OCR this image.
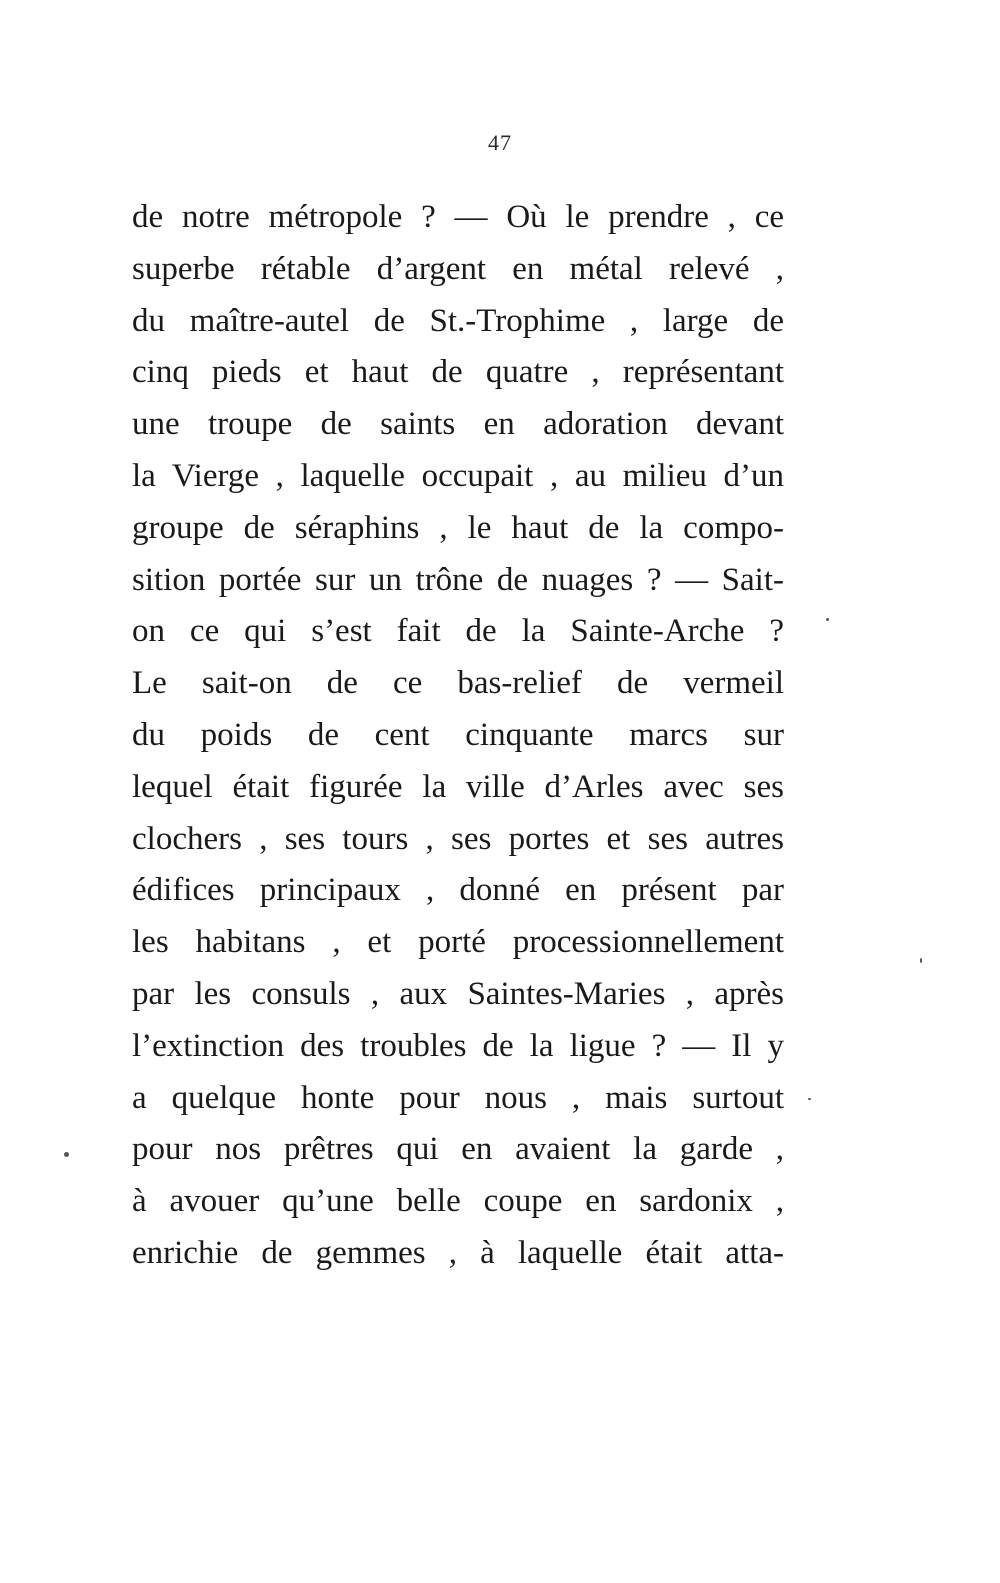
47
de notre métropole ? — Où le prendre , ce
superbe rétable d’argent en métal relevé ,
du maître-autel de St.-Trophime , large de
cinq pieds et haut de quatre , représentant
une troupe de saints en adoration devant
la Vierge , laquelle occupait , au milieu d’un
groupe de séraphins , le haut de la compo-
sition portée sur un trône de nuages ? — Sait-
on ce qui s’est fait de la Sainte-Arche ?
Le sait-on de ce bas-relief de vermeil
du poids de cent cinquante marcs sur
lequel était figurée la ville d’Arles avec ses
clochers , ses tours , ses portes et ses autres
édifices principaux , donné en présent par
les habitans , et porté processionnellement
par les consuls , aux Saintes-Maries , après
l’extinction des troubles de la ligue ? — Il y
a quelque honte pour nous , mais surtout
pour nos prêtres qui en avaient la garde ,
à avouer qu’une belle coupe en sardonix ,
enrichie de gemmes , à laquelle était atta-
